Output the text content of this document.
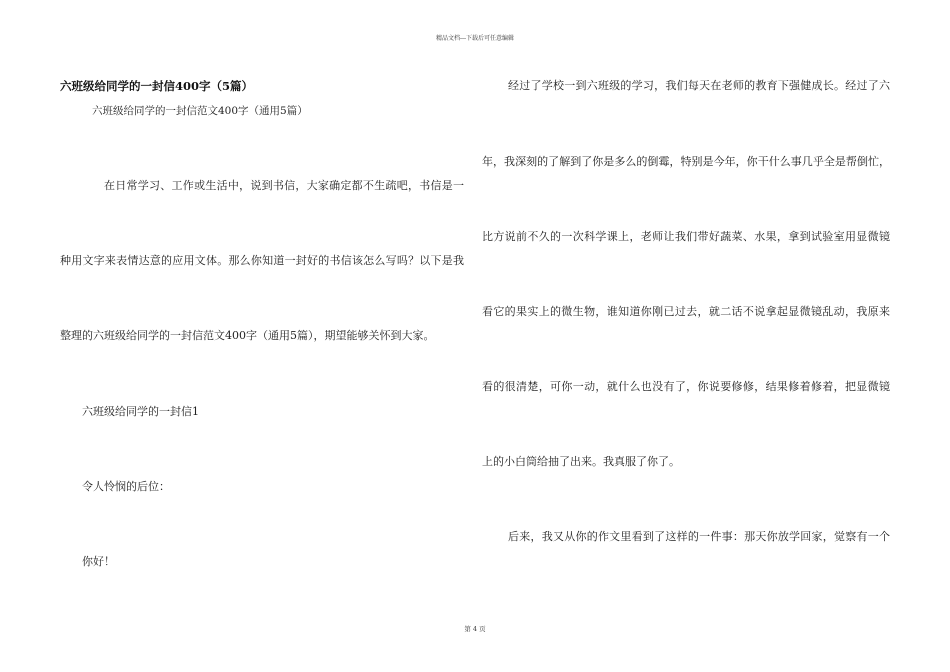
精品文档---下载后可任意编辑
六班级给同学的一封信400字（5篇）
六班级给同学的一封信范文400字（通用5篇）
在日常学习、工作或生活中，说到书信，大家确定都不生疏吧，书信是一
种用文字来表情达意的应用文体。那么你知道一封好的书信该怎么写吗？以下是我
整理的六班级给同学的一封信范文400字（通用5篇），期望能够关怀到大家。
六班级给同学的一封信1
令人怜悯的后位：
你好！
经过了学校一到六班级的学习，我们每天在老师的教育下强健成长。经过了六
年，我深刻的了解到了你是多么的倒霉，特别是今年，你干什么事几乎全是帮倒忙，
比方说前不久的一次科学课上，老师让我们带好蔬菜、水果，拿到试验室用显微镜
看它的果实上的微生物，谁知道你刚已过去，就二话不说拿起显微镜乱动，我原来
看的很清楚，可你一动，就什么也没有了，你说要修修，结果修着修着，把显微镜
上的小白筒给抽了出来。我真服了你了。
后来，我又从你的作文里看到了这样的一件事：那天你放学回家，觉察有一个
第 4 页
